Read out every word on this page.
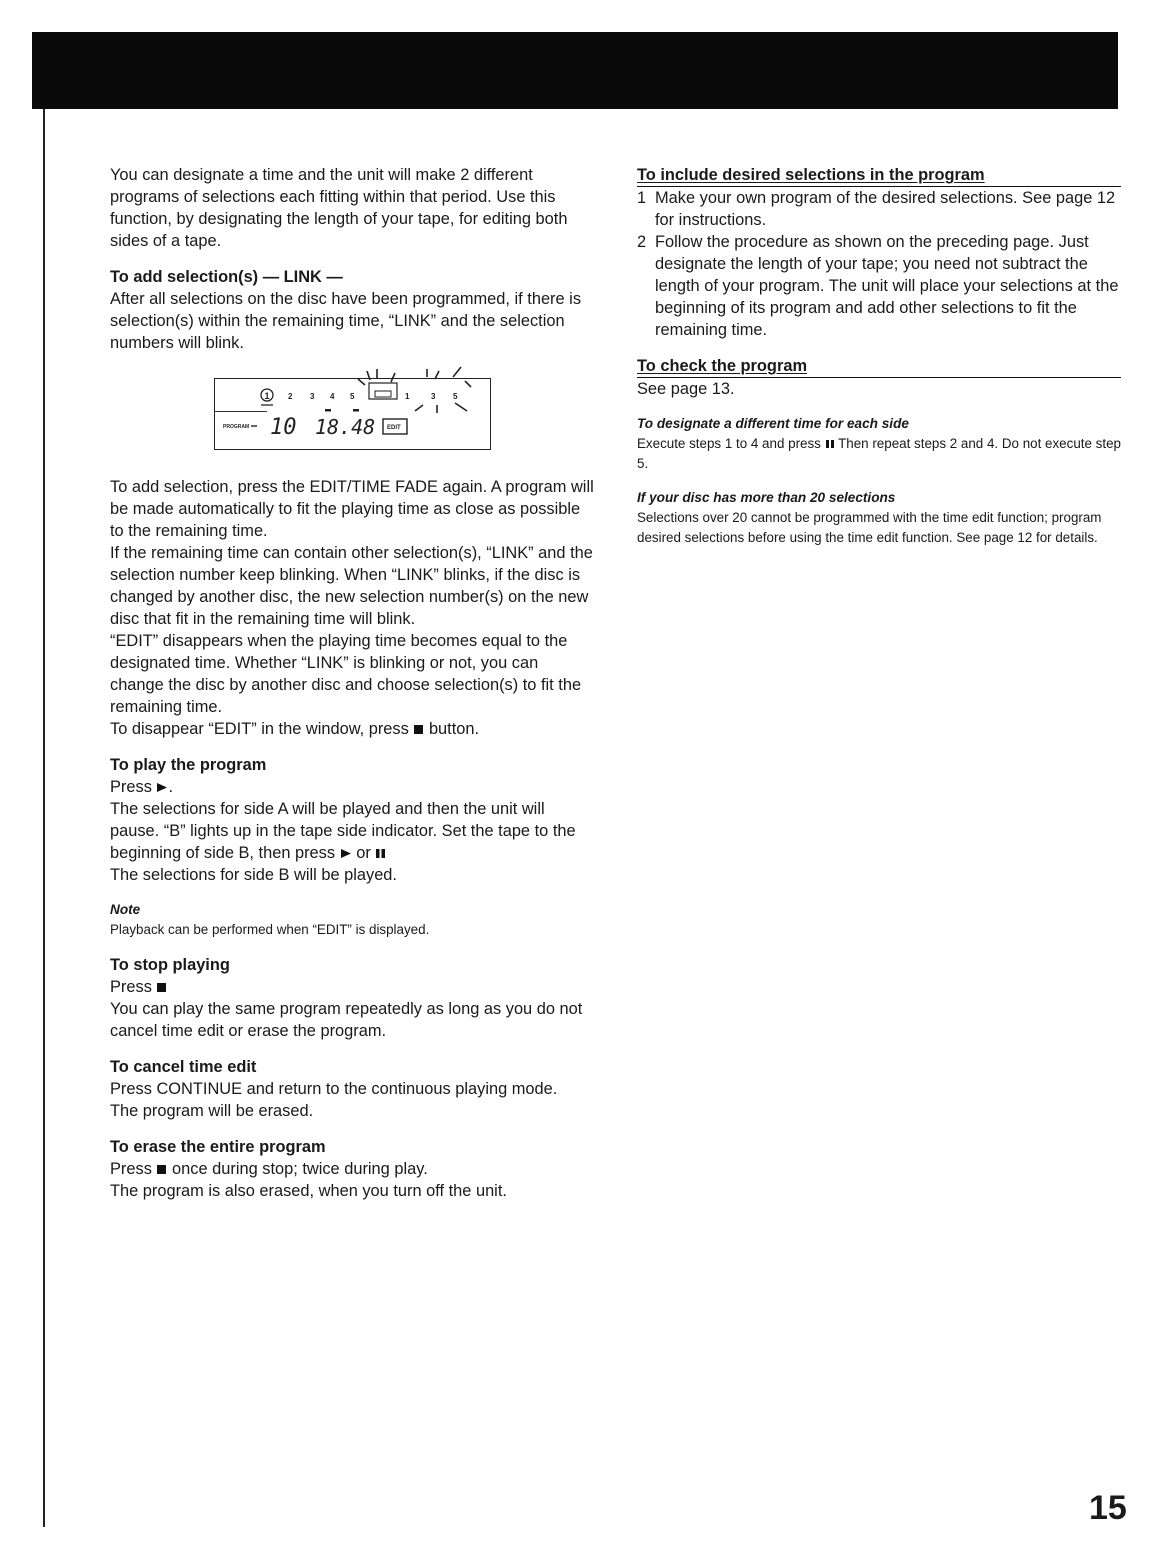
You can designate a time and the unit will make 2 different programs of selections each fitting within that period. Use this function, by designating the length of your tape, for editing both sides of a tape.

To add selection(s) — LINK —

After all selections on the disc have been programmed, if there is selection(s) within the remaining time, “LINK” and the selection numbers will blink.

1 2 3 4 5	1	3 5
PROGRAM 10 18.48 EDIT

To add selection, press the EDIT/TIME FADE again. A program will be made automatically to fit the playing time as close as possible to the remaining time.

If the remaining time can contain other selection(s), “LINK” and the selection number keep blinking. When “LINK” blinks, if the disc is changed by another disc, the new selection number(s) on the new disc that fit in the remaining time will blink.

“EDIT” disappears when the playing time becomes equal to the designated time. Whether “LINK” is blinking or not, you can change the disc by another disc and choose selection(s) to fit the remaining time.

To disappear “EDIT” in the window, press button.

To play the program

Press .

The selections for side A will be played and then the unit will pause. “B” lights up in the tape side indicator. Set the tape to the beginning of side B, then press or

The selections for side B will be played.

Note

Playback can be performed when “EDIT” is displayed.

To stop playing

Press

You can play the same program repeatedly as long as you do not cancel time edit or erase the program.

To cancel time edit

Press CONTINUE and return to the continuous playing mode.

The program will be erased.

To erase the entire program

Press once during stop; twice during play.

The program is also erased, when you turn off the unit.

To include desired selections in the program

1 Make your own program of the desired selections. See page 12 for instructions.
2 Follow the procedure as shown on the preceding page. Just designate the length of your tape; you need not subtract the length of your program. The unit will place your selections at the beginning of its program and add other selections to fit the remaining time.

To check the program

See page 13.

To designate a different time for each side

Execute steps 1 to 4 and press Then repeat steps 2 and 4. Do not execute step 5.

If your disc has more than 20 selections

Selections over 20 cannot be programmed with the time edit function; program desired selections before using the time edit function. See page 12 for details.

15
